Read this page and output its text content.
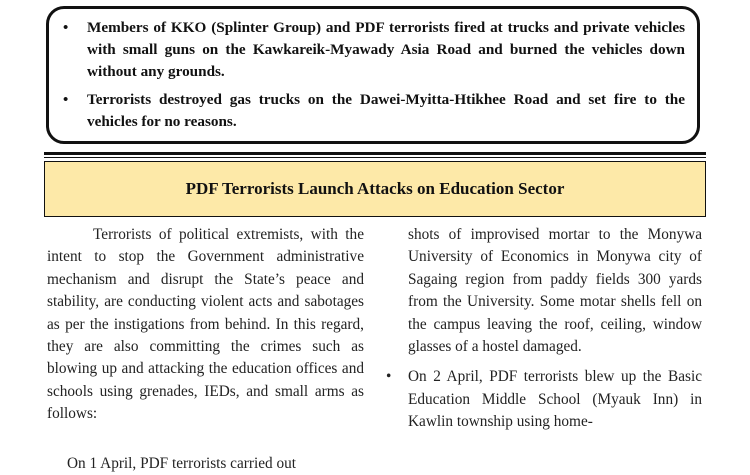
• Members of KKO (Splinter Group) and PDF terrorists fired at trucks and private vehicles with small guns on the Kawkareik-Myawady Asia Road and burned the vehicles down without any grounds.
• Terrorists destroyed gas trucks on the Dawei-Myitta-Htikhee Road and set fire to the vehicles for no reasons.
PDF Terrorists Launch Attacks on Education Sector

Terrorists of political extremists, with the intent to stop the Government administrative mechanism and disrupt the State’s peace and stability, are conducting violent acts and sabotages as per the instigations from behind. In this regard, they are also committing the crimes such as blowing up and attacking the education offices and schools using grenades, IEDs, and small arms as follows:

On 1 April, PDF terrorists carried out

shots of improvised mortar to the Monywa University of Economics in Monywa city of Sagaing region from paddy fields 300 yards from the University. Some motar shells fell on the campus leaving the roof, ceiling, window glasses of a hostel damaged.

• On 2 April, PDF terrorists blew up the Basic Education Middle School (Myauk Inn) in Kawlin township using home-
